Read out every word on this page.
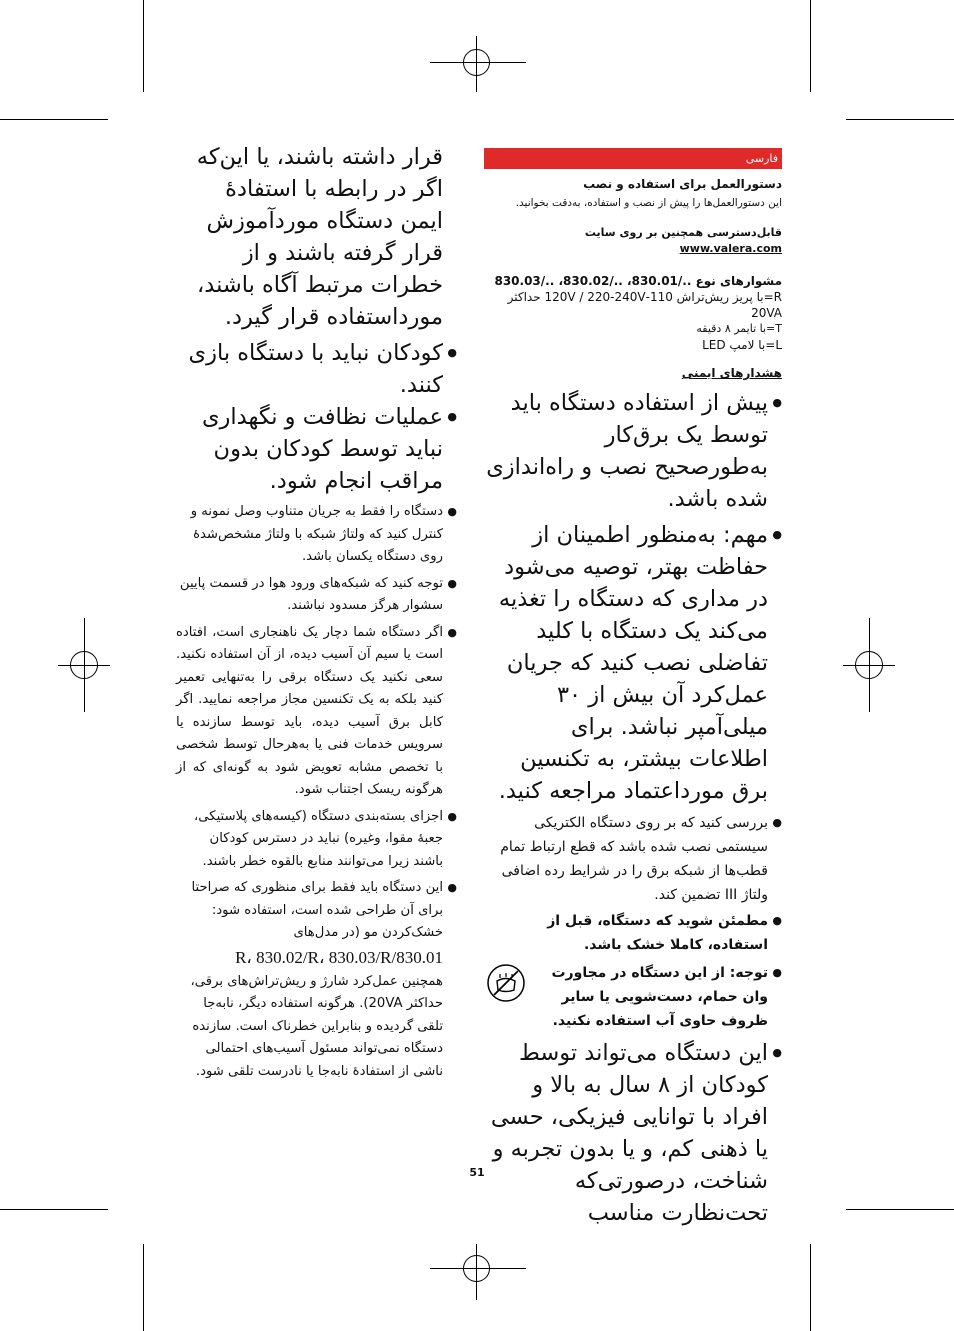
فارسی

دستورالعمل برای استفاده و نصب

این دستورالعمل‌ها را پیش از نصب و استفاده، به‌دقت بخوانید.

قابل‌دسترسی همچنین بر روی سایت www.valera.com

مشوارهای نوع ../830.01، ../830.02، ../830.03

R=با پریز ریش‌تراش 110-120V / 220-240V حداکثر 20VA

T=با تایمر ۸ دقیقه

L=با لامپ LED

هشدارهای ایمنی

● پیش از استفاده دستگاه باید توسط یک برق‌کار به‌طورصحیح نصب و راه‌اندازی شده باشد.
● مهم: به‌منظور اطمینان از حفاظت بهتر، توصیه می‌شود در مداری که دستگاه را تغذیه می‌کند یک دستگاه با کلید تفاضلی نصب کنید که جریان عمل‌کرد آن بیش از ۳۰ میلی‌آمپر نباشد. برای اطلاعات بیشتر، به تکنسین برق مورداعتماد مراجعه کنید.
● بررسی کنید که بر روی دستگاه الکتریکی سیستمی نصب شده باشد که قطع ارتباط تمام قطب‌ها از شبکه برق را در شرایط رده اضافی ولتاژ III تضمین کند.
● مطمئن شوید که دستگاه، قبل از استفاده، کاملا خشک باشد.
● توجه: از این دستگاه در مجاورت وان حمام، دست‌شویی یا سایر ظروف حاوی آب استفاده نکنید.
● این دستگاه می‌تواند توسط کودکان از ۸ سال به بالا و افراد با توانایی فیزیکی، حسی یا ذهنی کم، و یا بدون تجربه و شناخت، درصورتی‌که تحت‌نظارت مناسب

قرار داشته باشند، یا این‌که اگر در رابطه با استفادهٔ ایمن دستگاه موردآموزش قرار گرفته باشند و از خطرات مرتبط آگاه باشند، مورداستفاده قرار گیرد.

● کودکان نباید با دستگاه بازی کنند.
● عملیات نظافت و نگهداری نباید توسط کودکان بدون مراقب انجام شود.
● دستگاه را فقط به جریان متناوب وصل نمونه و کنترل کنید که ولتاژ شبکه با ولتاژ مشخص‌شدهٔ روی دستگاه یکسان باشد.
● توجه کنید که شبکه‌های ورود هوا در قسمت پایین سشوار هرگز مسدود نباشند.
● اگر دستگاه شما دچار یک ناهنجاری است، افتاده است یا سیم آن آسیب دیده، از آن استفاده نکنید. سعی نکنید یک دستگاه برقی را به‌تنهایی تعمیر کنید بلکه به یک تکنسین مجاز مراجعه نمایید. اگر کابل برق آسیب دیده، باید توسط سازنده یا سرویس خدمات فنی یا به‌هرحال توسط شخصی با تخصص مشابه تعویض شود به گونه‌ای که از هرگونه ریسک اجتناب شود.
● اجزای بسته‌بندی دستگاه (کیسه‌های پلاستیکی، جعبهٔ مقوا، وغیره) نباید در دسترس کودکان باشند زیرا می‌توانند منابع بالقوه خطر باشند.
● این دستگاه باید فقط برای منظوری که صراحتا برای آن طراحی شده است، استفاده شود: خشک‌کردن مو (در مدل‌های
830.01/R، 830.02/R، 830.03/R
همچنین عمل‌کرد شارژ و ریش‌تراش‌های برقی، حداکثر 20VA). هرگونه استفاده دیگر، نابه‌جا تلقی گردیده و بنابراین خطرناک است. سازنده دستگاه نمی‌تواند مسئول آسیب‌های احتمالی ناشی از استفادهٔ نابه‌جا یا نادرست تلقی شود.
51
